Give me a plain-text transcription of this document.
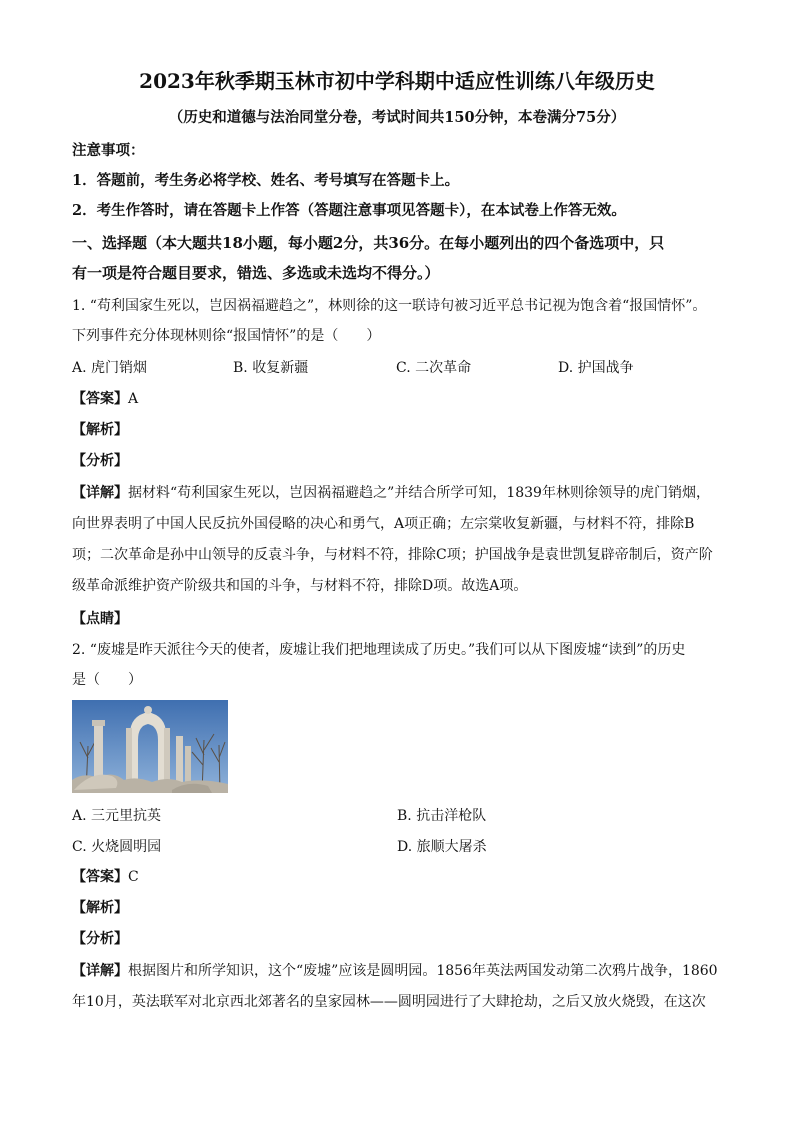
2023年秋季期玉林市初中学科期中适应性训练八年级历史
（历史和道德与法治同堂分卷，考试时间共150分钟，本卷满分75分）
注意事项：
1．答题前，考生务必将学校、姓名、考号填写在答题卡上。
2．考生作答时，请在答题卡上作答（答题注意事项见答题卡），在本试卷上作答无效。
一、选择题（本大题共18小题，每小题2分，共36分。在每小题列出的四个备选项中，只
有一项是符合题目要求，错选、多选或未选均不得分。）
1. “苟利国家生死以，岂因祸福避趋之”，林则徐的这一联诗句被习近平总书记视为饱含着“报国情怀”。
下列事件充分体现林则徐“报国情怀”的是（　　）
A. 虎门销烟	B. 收复新疆	C. 二次革命	D. 护国战争
【答案】A
【解析】
【分析】
【详解】据材料“苟利国家生死以，岂因祸福避趋之”并结合所学可知，1839年林则徐领导的虎门销烟，
向世界表明了中国人民反抗外国侵略的决心和勇气，A项正确；左宗棠收复新疆，与材料不符，排除B
项；二次革命是孙中山领导的反袁斗争，与材料不符，排除C项；护国战争是袁世凯复辟帝制后，资产阶
级革命派维护资产阶级共和国的斗争，与材料不符，排除D项。故选A项。
【点睛】
2. “废墟是昨天派往今天的使者，废墟让我们把地理读成了历史。”我们可以从下图废墟“读到”的历史
是（　　）
A. 三元里抗英	B. 抗击洋枪队
C. 火烧圆明园	D. 旅顺大屠杀
【答案】C
【解析】
【分析】
【详解】根据图片和所学知识，这个“废墟”应该是圆明园。1856年英法两国发动第二次鸦片战争，1860
年10月，英法联军对北京西北郊著名的皇家园林——圆明园进行了大肆抢劫，之后又放火烧毁，在这次
